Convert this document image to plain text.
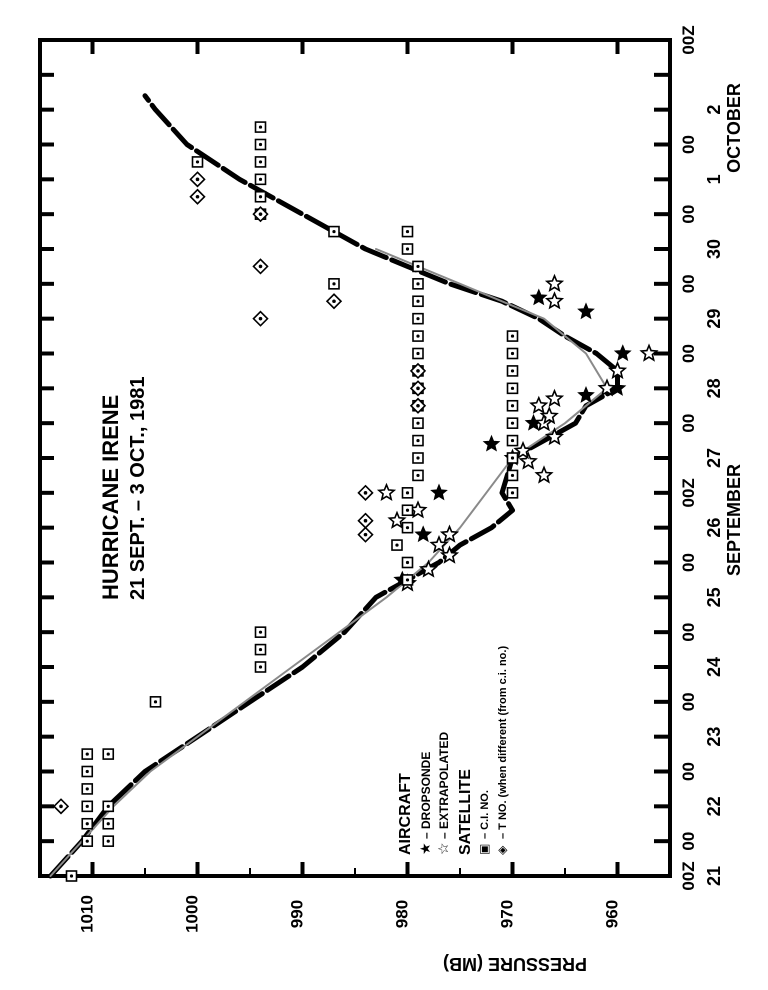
1010	1000	990	980	970	960
00Z
00
00
00
00
00
00Z
00
00
00
00
00
00Z
21
22
23
24
25
26
27
28
29
30
1
2
HURRICANE IRENE 21 SEPT. – 3 OCT., 1981
AIRCRAFT ★
– DROPSONDE
☆
– EXTRAPOLATED SATELLITE ▣
– C.I. NO.
◈
– T NO. (when different (from c.i. no.)
SEPTEMBER
OCTOBER
PRESSURE (MB)
